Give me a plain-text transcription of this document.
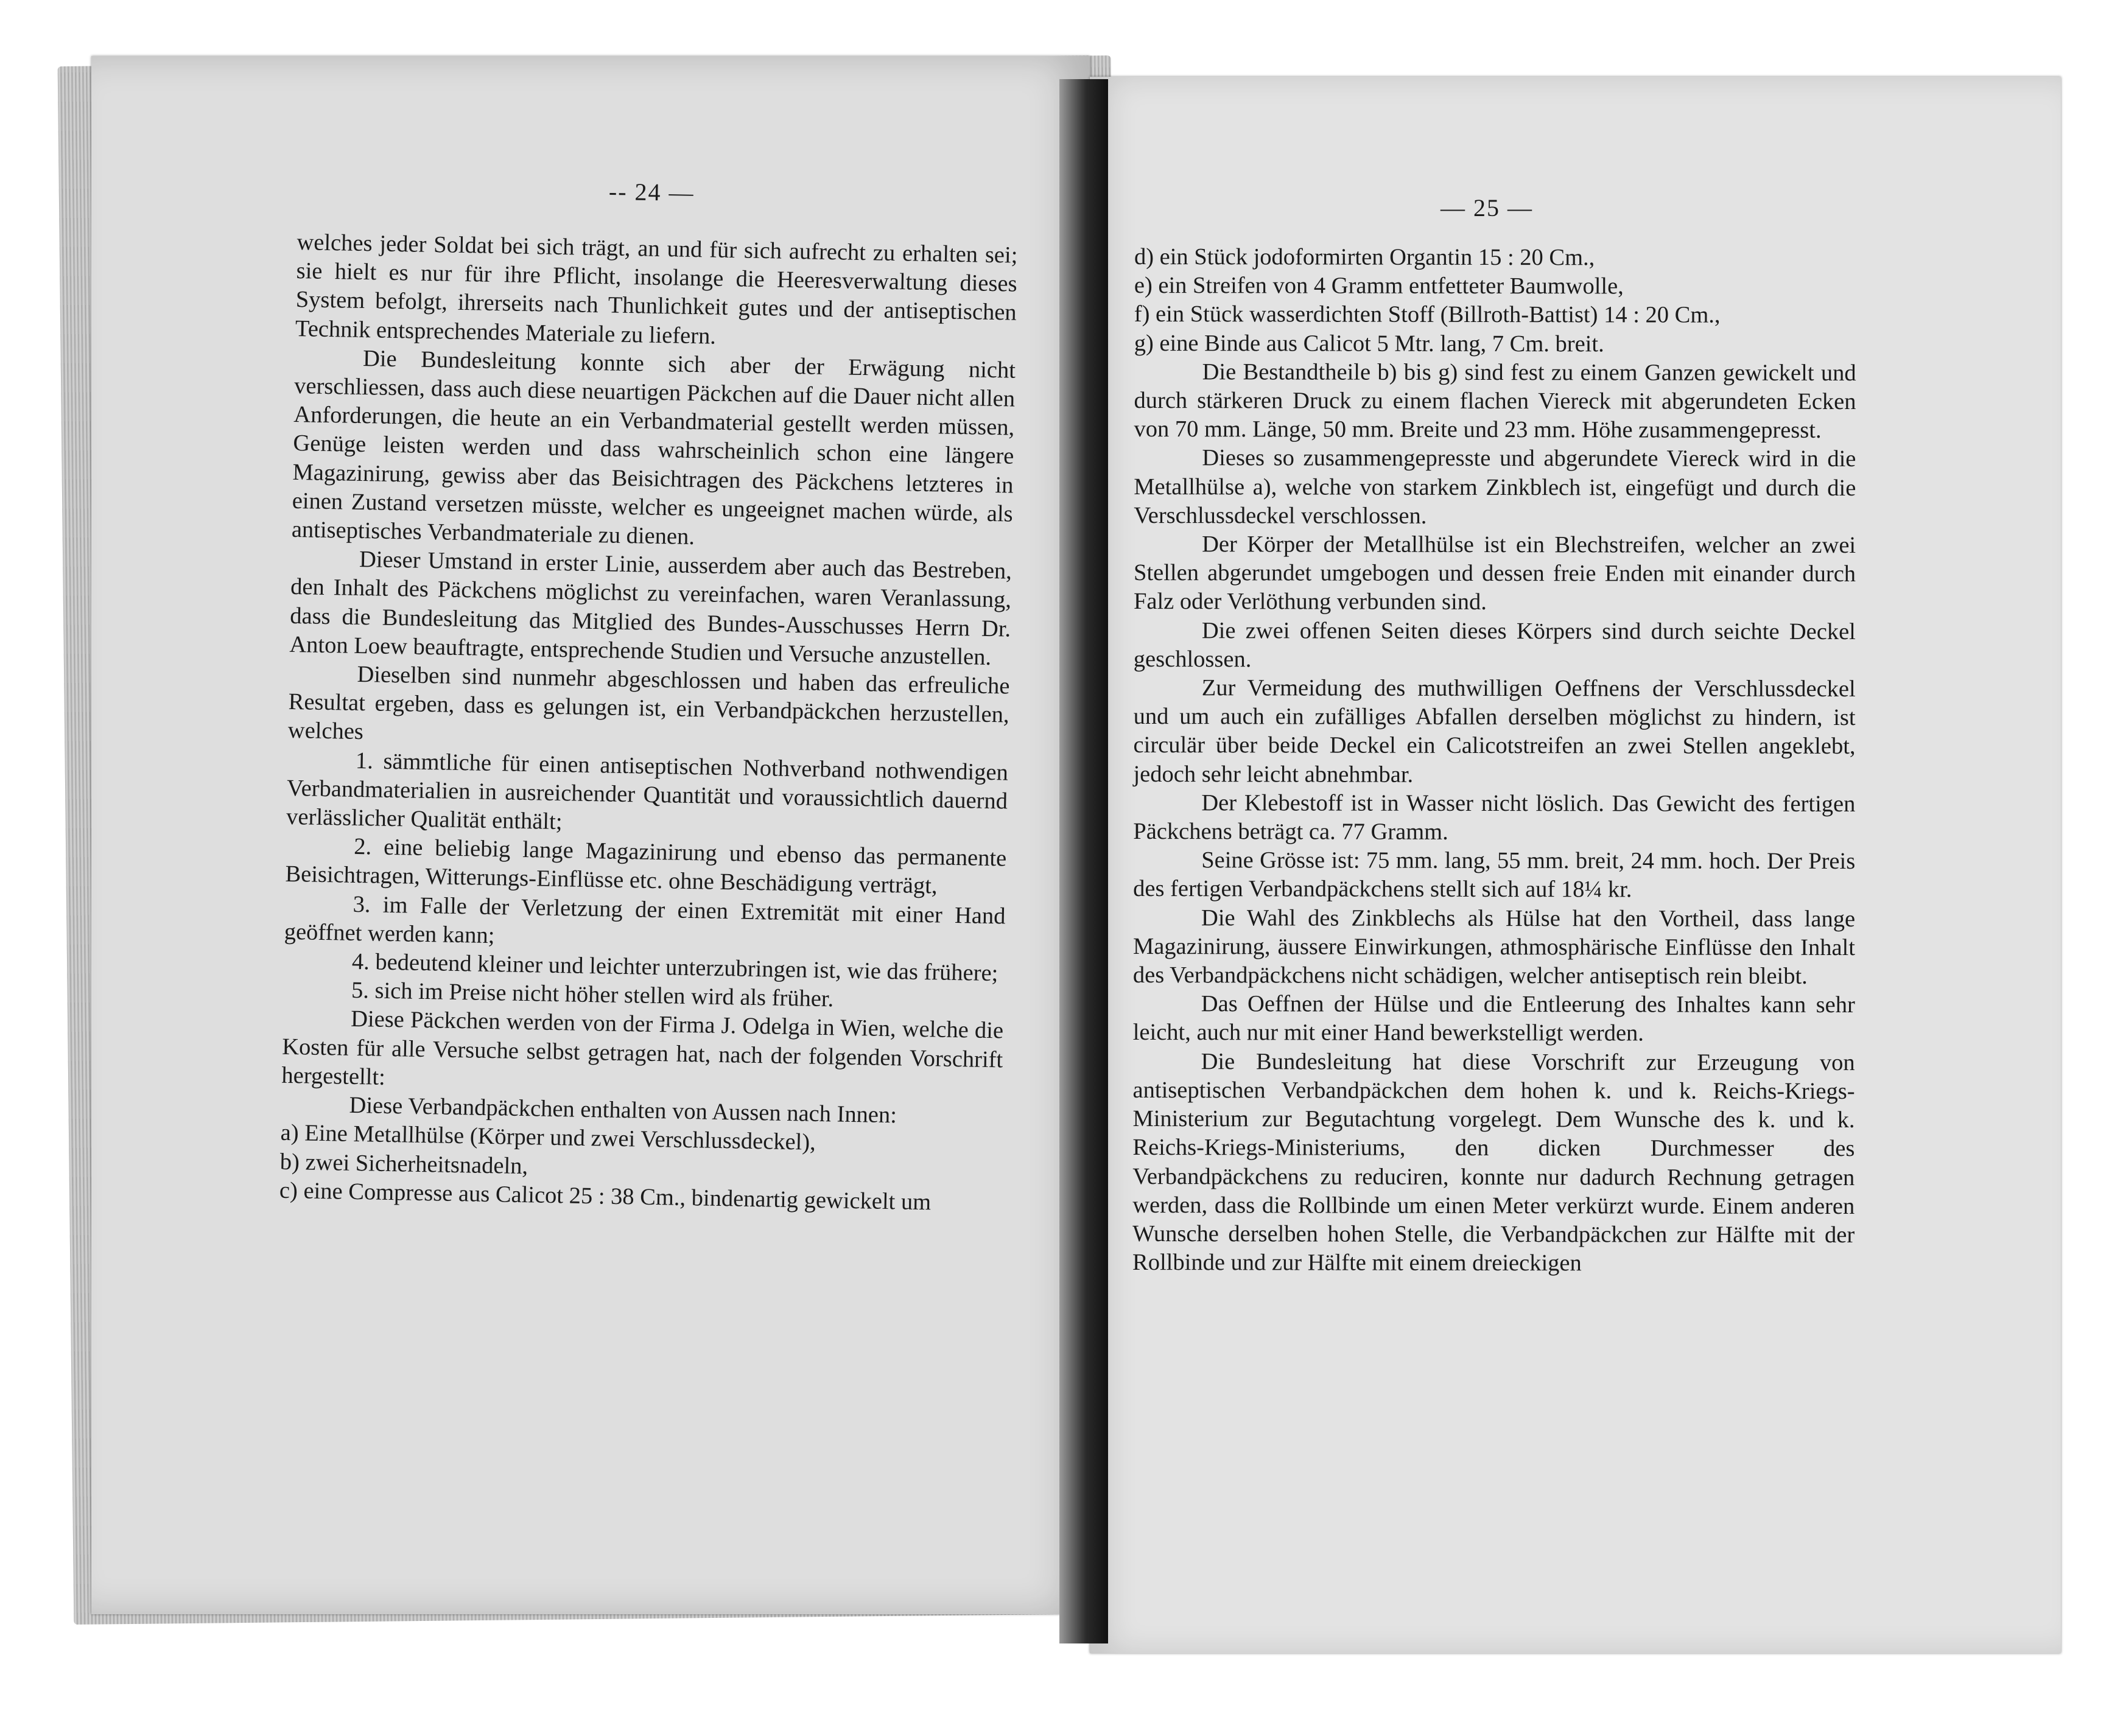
-- 24 —
— 25 —

welches jeder Soldat bei sich trägt, an und für sich aufrecht zu erhalten sei; sie hielt es nur für ihre Pflicht, insolange die Heeresverwaltung dieses System befolgt, ihrerseits nach Thunlichkeit gutes und der antiseptischen Technik entsprechendes Materiale zu liefern.

Die Bundesleitung konnte sich aber der Erwägung nicht verschliessen, dass auch diese neuartigen Päckchen auf die Dauer nicht allen Anforderungen, die heute an ein Verbandmaterial gestellt werden müssen, Genüge leisten werden und dass wahrscheinlich schon eine längere Magazinirung, gewiss aber das Beisichtragen des Päckchens letzteres in einen Zustand versetzen müsste, welcher es ungeeignet machen würde, als antiseptisches Verbandmateriale zu dienen.

Dieser Umstand in erster Linie, ausserdem aber auch das Bestreben, den Inhalt des Päckchens möglichst zu vereinfachen, waren Veranlassung, dass die Bundesleitung das Mitglied des Bundes-Ausschusses Herrn Dr. Anton Loew beauftragte, entsprechende Studien und Versuche anzustellen.

Dieselben sind nunmehr abgeschlossen und haben das erfreuliche Resultat ergeben, dass es gelungen ist, ein Verbandpäckchen herzustellen, welches

1. sämmtliche für einen antiseptischen Nothverband nothwendigen Verbandmaterialien in ausreichender Quantität und voraussichtlich dauernd verlässlicher Qualität enthält;

2. eine beliebig lange Magazinirung und ebenso das permanente Beisichtragen, Witterungs-Einflüsse etc. ohne Beschädigung verträgt,

3. im Falle der Verletzung der einen Extremität mit einer Hand geöffnet werden kann;

4. bedeutend kleiner und leichter unterzubringen ist, wie das frühere;

5. sich im Preise nicht höher stellen wird als früher.

Diese Päckchen werden von der Firma J. Odelga in Wien, welche die Kosten für alle Versuche selbst getragen hat, nach der folgenden Vorschrift hergestellt:

Diese Verbandpäckchen enthalten von Aussen nach Innen:

a) Eine Metallhülse (Körper und zwei Verschlussdeckel),

b) zwei Sicherheitsnadeln,

c) eine Compresse aus Calicot 25 : 38 Cm., bindenartig gewickelt um

d) ein Stück jodoformirten Organtin 15 : 20 Cm.,

e) ein Streifen von 4 Gramm entfetteter Baumwolle,

f) ein Stück wasserdichten Stoff (Billroth-Battist) 14 : 20 Cm.,

g) eine Binde aus Calicot 5 Mtr. lang, 7 Cm. breit.

Die Bestandtheile b) bis g) sind fest zu einem Ganzen gewickelt und durch stärkeren Druck zu einem flachen Viereck mit abgerundeten Ecken von 70 mm. Länge, 50 mm. Breite und 23 mm. Höhe zusammengepresst.

Dieses so zusammengepresste und abgerundete Viereck wird in die Metallhülse a), welche von starkem Zinkblech ist, eingefügt und durch die Verschlussdeckel verschlossen.

Der Körper der Metallhülse ist ein Blechstreifen, welcher an zwei Stellen abgerundet umgebogen und dessen freie Enden mit einander durch Falz oder Verlöthung verbunden sind.

Die zwei offenen Seiten dieses Körpers sind durch seichte Deckel geschlossen.

Zur Vermeidung des muthwilligen Oeffnens der Verschlussdeckel und um auch ein zufälliges Abfallen derselben möglichst zu hindern, ist circulär über beide Deckel ein Calicotstreifen an zwei Stellen angeklebt, jedoch sehr leicht abnehmbar.

Der Klebestoff ist in Wasser nicht löslich. Das Gewicht des fertigen Päckchens beträgt ca. 77 Gramm.

Seine Grösse ist: 75 mm. lang, 55 mm. breit, 24 mm. hoch. Der Preis des fertigen Verbandpäckchens stellt sich auf 18¼ kr.

Die Wahl des Zinkblechs als Hülse hat den Vortheil, dass lange Magazinirung, äussere Einwirkungen, athmosphärische Einflüsse den Inhalt des Verbandpäckchens nicht schädigen, welcher antiseptisch rein bleibt.

Das Oeffnen der Hülse und die Entleerung des Inhaltes kann sehr leicht, auch nur mit einer Hand bewerkstelligt werden.

Die Bundesleitung hat diese Vorschrift zur Erzeugung von antiseptischen Verbandpäckchen dem hohen k. und k. Reichs-Kriegs-Ministerium zur Begutachtung vorgelegt. Dem Wunsche des k. und k. Reichs-Kriegs-Ministeriums, den dicken Durchmesser des Verbandpäckchens zu reduciren, konnte nur dadurch Rechnung getragen werden, dass die Rollbinde um einen Meter verkürzt wurde. Einem anderen Wunsche derselben hohen Stelle, die Verbandpäckchen zur Hälfte mit der Rollbinde und zur Hälfte mit einem dreieckigen
